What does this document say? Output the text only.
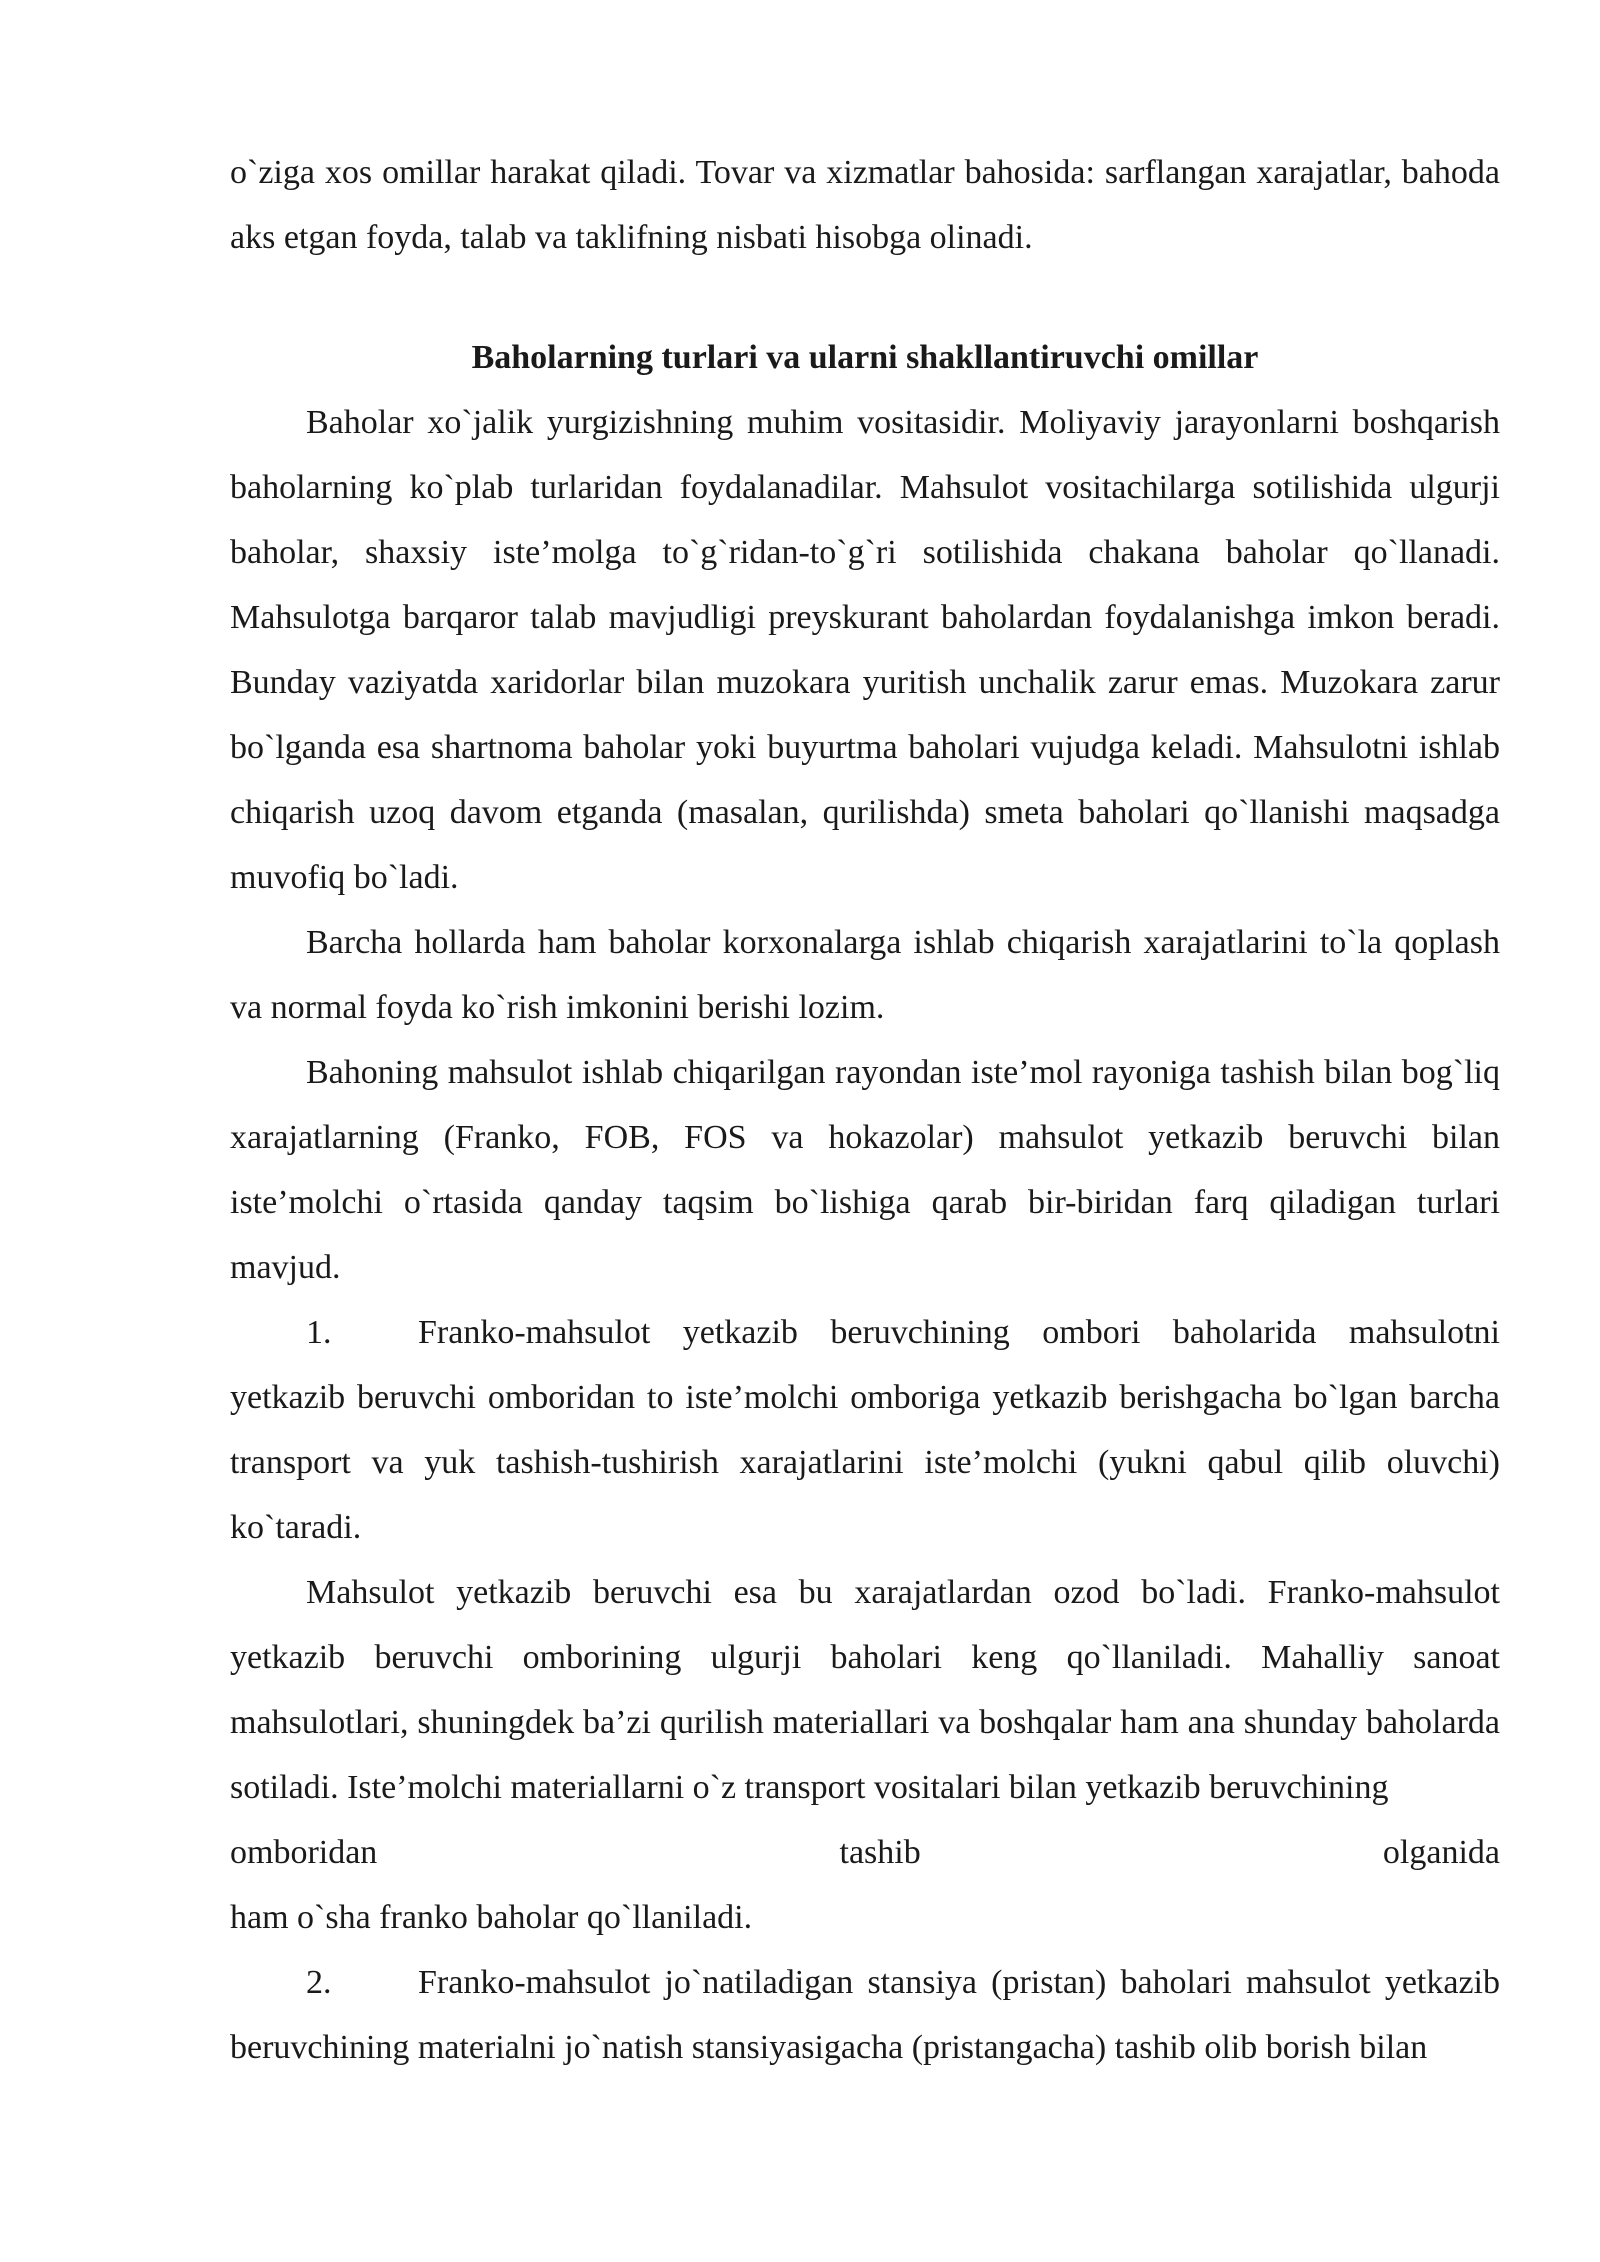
o`ziga xos omillar harakat qiladi. Tovar va xizmatlar bahosida: sarflangan xarajatlar, bahoda aks etgan foyda, talab va taklifning nisbati hisobga olinadi.

Baholarning turlari va ularni shakllantiruvchi omillar

Baholar xo`jalik yurgizishning muhim vositasidir. Moliyaviy jarayonlarni boshqarish baholarning ko`plab turlaridan foydalanadilar. Mahsulot vositachilarga sotilishida ulgurji baholar, shaxsiy iste’molga to`g`ridan-to`g`ri sotilishida chakana baholar qo`llanadi. Mahsulotga barqaror talab mavjudligi preyskurant baholardan foydalanishga imkon beradi. Bunday vaziyatda xaridorlar bilan muzokara yuritish unchalik zarur emas. Muzokara zarur bo`lganda esa shartnoma baholar yoki buyurtma baholari vujudga keladi. Mahsulotni ishlab chiqarish uzoq davom etganda (masalan, qurilishda) smeta baholari qo`llanishi maqsadga muvofiq bo`ladi.

Barcha hollarda ham baholar korxonalarga ishlab chiqarish xarajatlarini to`la qoplash va normal foyda ko`rish imkonini berishi lozim.

Bahoning mahsulot ishlab chiqarilgan rayondan iste’mol rayoniga tashish bilan bog`liq xarajatlarning (Franko, FOB, FOS va hokazolar) mahsulot yetkazib beruvchi bilan iste’molchi o`rtasida qanday taqsim bo`lishiga qarab bir-biridan farq qiladigan turlari mavjud.

1.	Franko-mahsulot yetkazib beruvchining ombori baholarida mahsulotni yetkazib beruvchi omboridan to iste’molchi omboriga yetkazib berishgacha bo`lgan barcha transport va yuk tashish-tushirish xarajatlarini iste’molchi (yukni qabul qilib oluvchi) ko`taradi.

Mahsulot yetkazib beruvchi esa bu xarajatlardan ozod bo`ladi. Franko-mahsulot yetkazib beruvchi omborining ulgurji baholari keng qo`llaniladi. Mahalliy sanoat mahsulotlari, shuningdek ba’zi qurilish materiallari va boshqalar ham ana shunday baholarda sotiladi. Iste’molchi materiallarni o`z transport vositalari bilan yetkazib beruvchining

omboridan	tashib	olganida

ham o`sha franko baholar qo`llaniladi.

2.	Franko-mahsulot jo`natiladigan stansiya (pristan) baholari mahsulot yetkazib beruvchining materialni jo`natish stansiyasigacha (pristangacha) tashib olib borish bilan
